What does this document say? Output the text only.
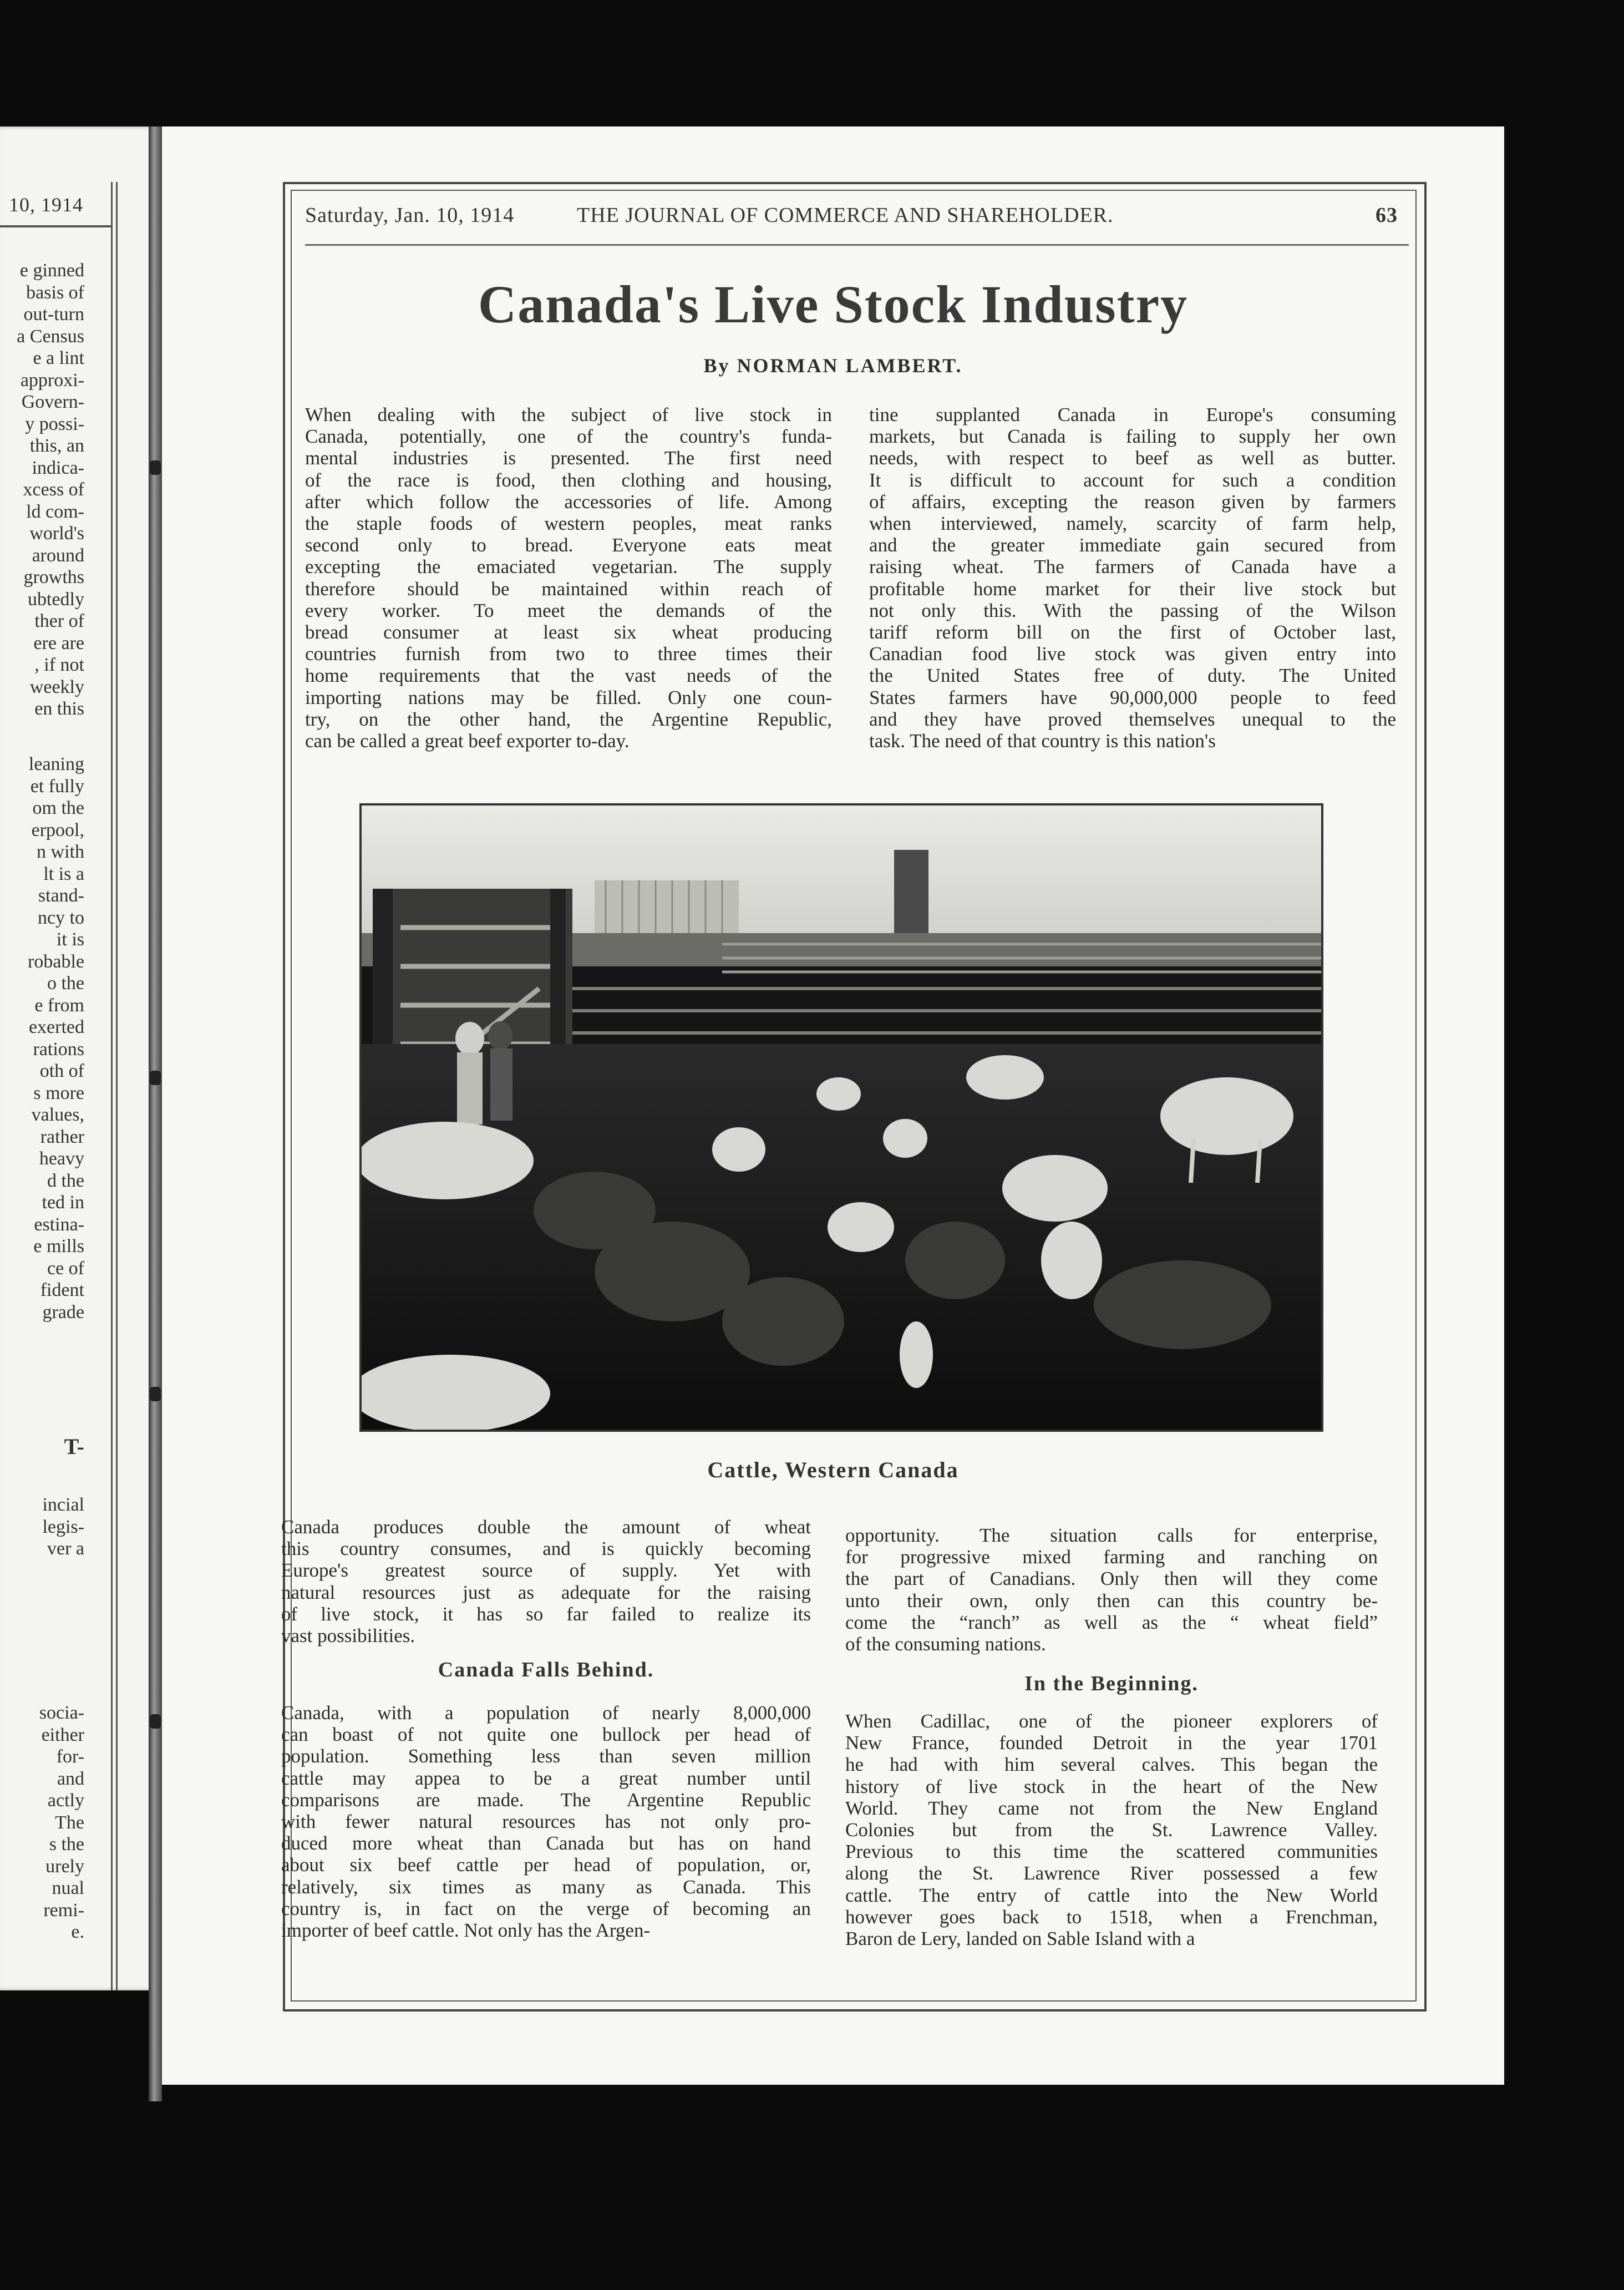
10, 1914
e ginned
basis of
out-turn
a Census
e a lint
approxi-
Govern-
y possi-
this, an
indica-
xcess of
ld com-
world's
around
growths
ubtedly
ther of
ere are
, if not
weekly
en this
leaning
et fully
om the
erpool,
n with
lt is a
stand-
ncy to
it is
robable
o the
e from
exerted
rations
oth of
s more
values,
rather
heavy
d the
ted in
estina-
e mills
ce of
fident
grade
T-
incial
legis-
ver a
socia-
either
for-
and
actly
The
s the
urely
nual
remi-
e.
Saturday, Jan. 10, 1914	THE JOURNAL OF COMMERCE AND SHAREHOLDER.	63
Canada's Live Stock Industry
By NORMAN LAMBERT.
When dealing with the subject of live stock in
Canada, potentially, one of the country's funda-
mental industries is presented. The first need
of the race is food, then clothing and housing,
after which follow the accessories of life. Among
the staple foods of western peoples, meat ranks
second only to bread. Everyone eats meat
excepting the emaciated vegetarian. The supply
therefore should be maintained within reach of
every worker. To meet the demands of the
bread consumer at least six wheat producing
countries furnish from two to three times their
home requirements that the vast needs of the
importing nations may be filled. Only one coun-
try, on the other hand, the Argentine Republic,
can be called a great beef exporter to-day.
tine supplanted Canada in Europe's consuming
markets, but Canada is failing to supply her own
needs, with respect to beef as well as butter.
It is difficult to account for such a condition
of affairs, excepting the reason given by farmers
when interviewed, namely, scarcity of farm help,
and the greater immediate gain secured from
raising wheat. The farmers of Canada have a
profitable home market for their live stock but
not only this. With the passing of the Wilson
tariff reform bill on the first of October last,
Canadian food live stock was given entry into
the United States free of duty. The United
States farmers have 90,000,000 people to feed
and they have proved themselves unequal to the
task. The need of that country is this nation's
Cattle, Western Canada
Canada produces double the amount of wheat
this country consumes, and is quickly becoming
Europe's greatest source of supply. Yet with
natural resources just as adequate for the raising
of live stock, it has so far failed to realize its
vast possibilities.
Canada Falls Behind.
Canada, with a population of nearly 8,000,000
can boast of not quite one bullock per head of
population. Something less than seven million
cattle may appea to be a great number until
comparisons are made. The Argentine Republic
with fewer natural resources has not only pro-
duced more wheat than Canada but has on hand
about six beef cattle per head of population, or,
relatively, six times as many as Canada. This
country is, in fact on the verge of becoming an
importer of beef cattle. Not only has the Argen-
opportunity. The situation calls for enterprise,
for progressive mixed farming and ranching on
the part of Canadians. Only then will they come
unto their own, only then can this country be-
come the “ranch” as well as the “ wheat field”
of the consuming nations.
In the Beginning.
When Cadillac, one of the pioneer explorers of
New France, founded Detroit in the year 1701
he had with him several calves. This began the
history of live stock in the heart of the New
World. They came not from the New England
Colonies but from the St. Lawrence Valley.
Previous to this time the scattered communities
along the St. Lawrence River possessed a few
cattle. The entry of cattle into the New World
however goes back to 1518, when a Frenchman,
Baron de Lery, landed on Sable Island with a
